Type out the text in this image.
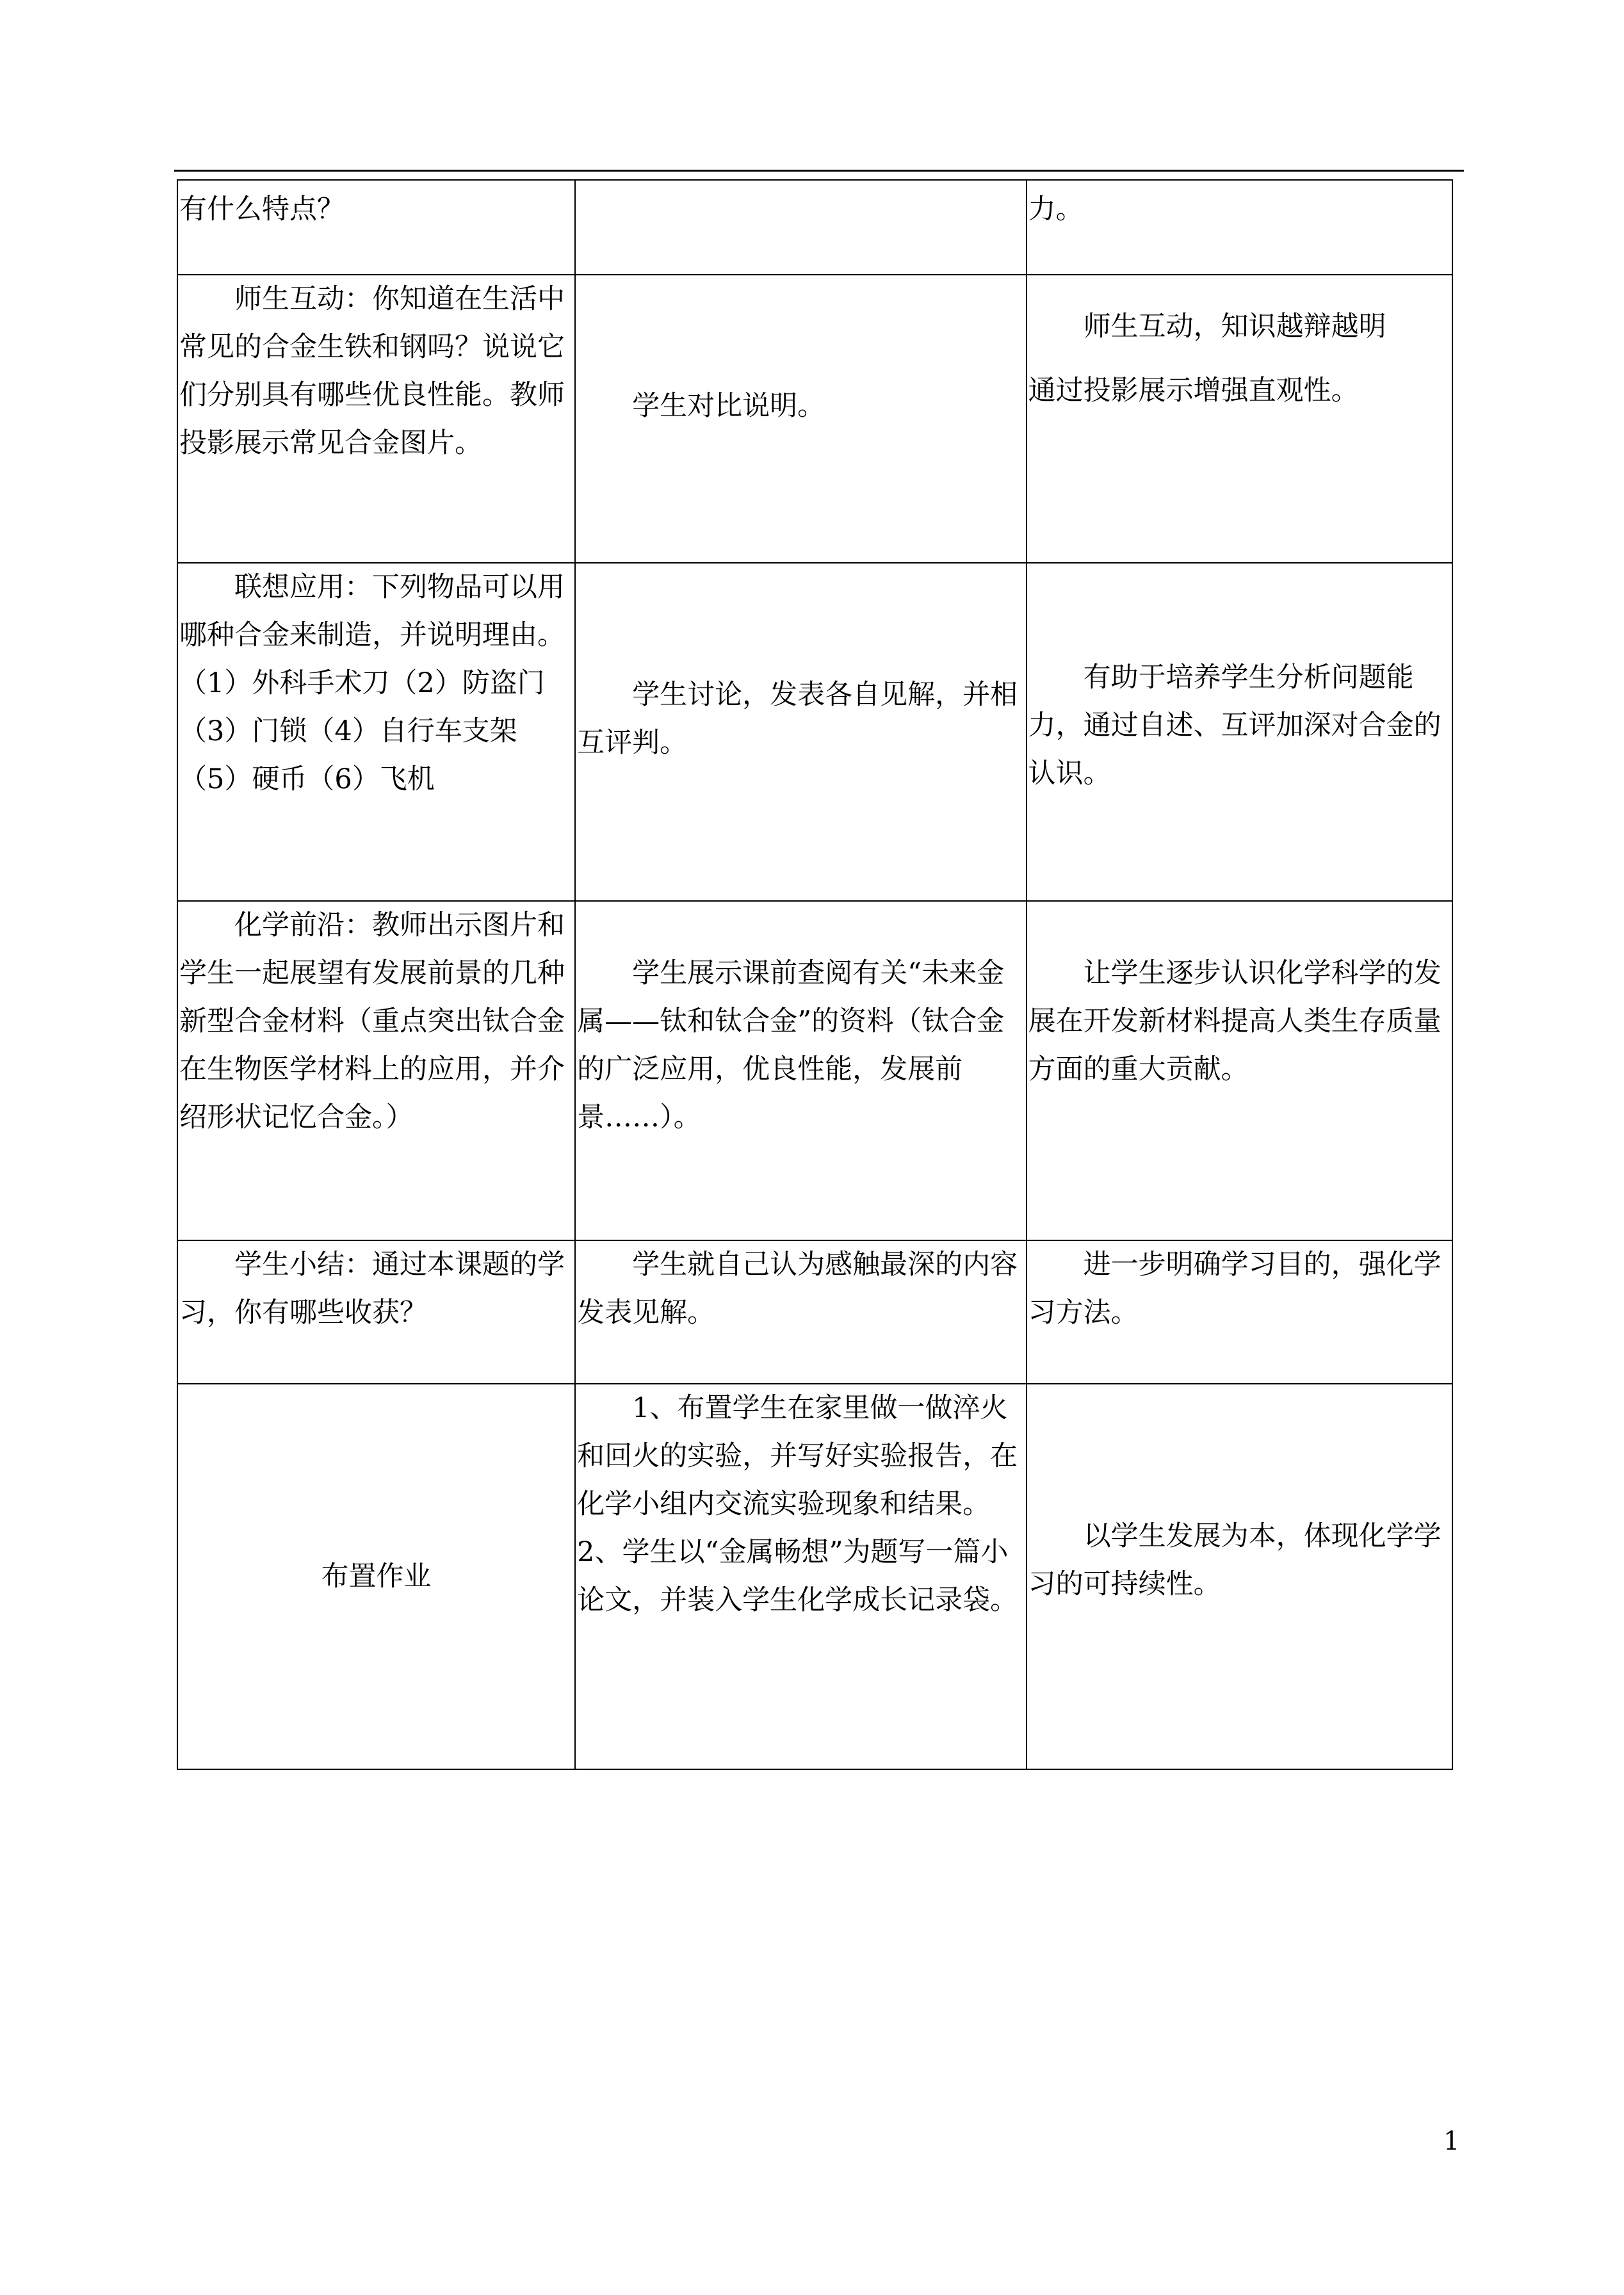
有什么特点？		力。

师生互动：你知道在生活中常见的合金生铁和钢吗？说说它们分别具有哪些优良性能。教师投影展示常见合金图片。	学生对比说明。	师生互动，知识越辩越明
通过投影展示增强直观性。

联想应用：下列物品可以用哪种合金来制造，并说明理由。
（1）外科手术刀（2）防盗门（3）门锁（4）自行车支架（5）硬币（6）飞机	学生讨论，发表各自见解，并相互评判。	有助于培养学生分析问题能力，通过自述、互评加深对合金的认识。

化学前沿：教师出示图片和学生一起展望有发展前景的几种新型合金材料（重点突出钛合金在生物医学材料上的应用，并介绍形状记忆合金。）	学生展示课前查阅有关“未来金属——钛和钛合金”的资料（钛合金的广泛应用，优良性能，发展前景……）。	让学生逐步认识化学科学的发展在开发新材料提高人类生存质量方面的重大贡献。

学生小结：通过本课题的学习，你有哪些收获？	学生就自己认为感触最深的内容发表见解。	进一步明确学习目的，强化学习方法。

布置作业	1、布置学生在家里做一做淬火和回火的实验，并写好实验报告，在化学小组内交流实验现象和结果。
2、学生以“金属畅想”为题写一篇小论文，并装入学生化学成长记录袋。	以学生发展为本，体现化学学习的可持续性。
1
